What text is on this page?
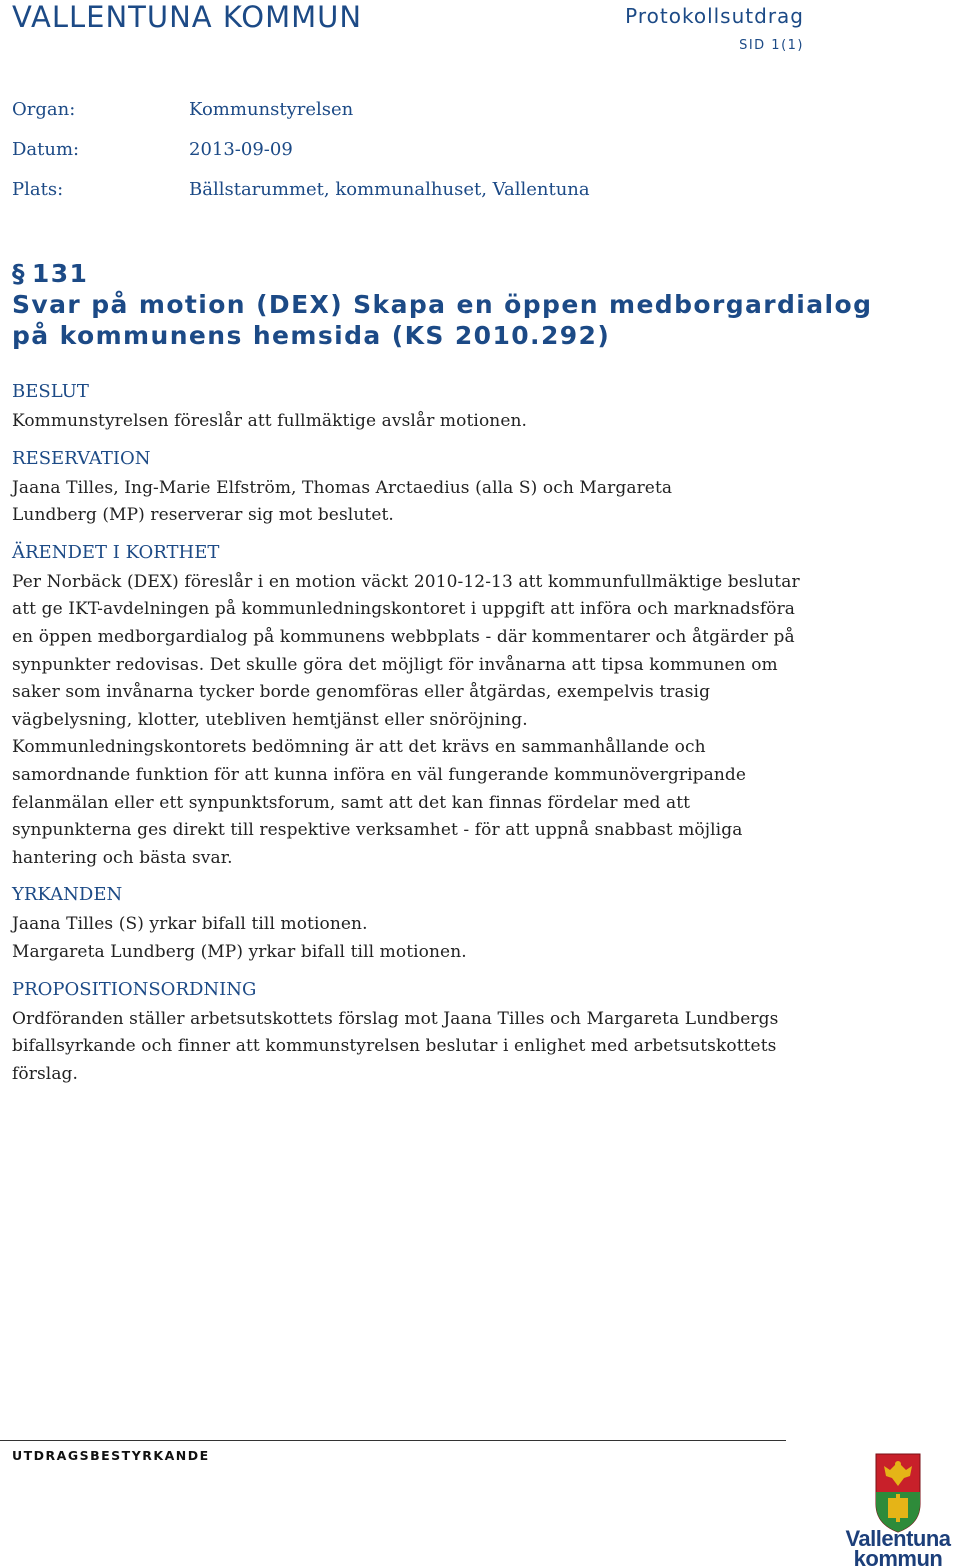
VALLENTUNA KOMMUN	Protokollsutdrag
SID 1(1)
Organ:	Kommunstyrelsen
Datum:	2013-09-09
Plats:	Bällstarummet, kommunalhuset, Vallentuna
§ 131
Svar på motion (DEX) Skapa en öppen medborgardialog
på kommunens hemsida (KS 2010.292)
BESLUT

Kommunstyrelsen föreslår att fullmäktige avslår motionen.

RESERVATION

Jaana Tilles, Ing-Marie Elfström, Thomas Arctaedius (alla S) och Margareta Lundberg (MP) reserverar sig mot beslutet.

ÄRENDET I KORTHET

Per Norbäck (DEX) föreslår i en motion väckt 2010-12-13 att kommunfullmäktige beslutar att ge IKT-avdelningen på kommunledningskontoret i uppgift att införa och marknadsföra en öppen medborgardialog på kommunens webbplats - där kommentarer och åtgärder på synpunkter redovisas. Det skulle göra det möjligt för invånarna att tipsa kommunen om saker som invånarna tycker borde genomföras eller åtgärdas, exempelvis trasig vägbelysning, klotter, utebliven hemtjänst eller snöröjning.

Kommunledningskontorets bedömning är att det krävs en sammanhållande och samordnande funktion för att kunna införa en väl fungerande kommunövergripande felanmälan eller ett synpunktsforum, samt att det kan finnas fördelar med att synpunkterna ges direkt till respektive verksamhet - för att uppnå snabbast möjliga hantering och bästa svar.

YRKANDEN

Jaana Tilles (S) yrkar bifall till motionen.

Margareta Lundberg (MP) yrkar bifall till motionen.

PROPOSITIONSORDNING

Ordföranden ställer arbetsutskottets förslag mot Jaana Tilles och Margareta Lundbergs bifallsyrkande och finner att kommunstyrelsen beslutar i enlighet med arbetsutskottets förslag.

UTDRAGSBESTYRKANDE
Vallentuna
kommun
